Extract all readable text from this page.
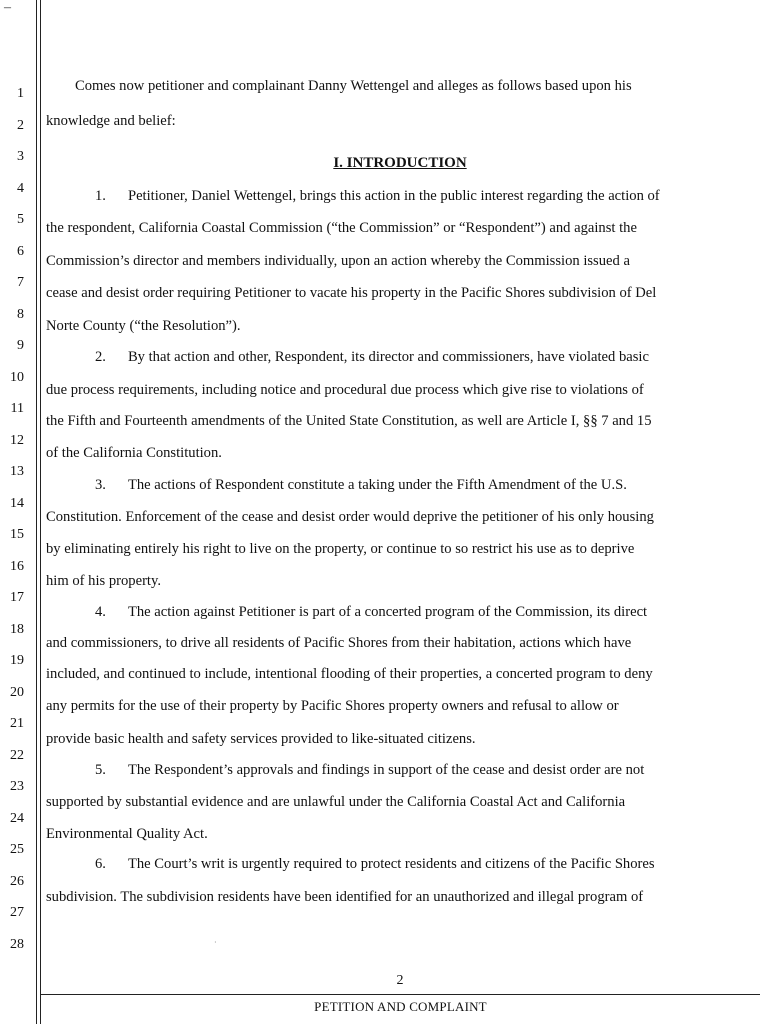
–
1
2
3
4
5
6
7
8
9
10
11
12
13
14
15
16
17
18
19
20
21
22
23
24
25
26
27
28
Comes now petitioner and complainant Danny Wettengel and alleges as follows based upon his
knowledge and belief:
I. INTRODUCTION
1. Petitioner, Daniel Wettengel, brings this action in the public interest regarding the action of
the respondent, California Coastal Commission (“the Commission” or “Respondent”) and against the
Commission’s director and members individually, upon an action whereby the Commission issued a
cease and desist order requiring Petitioner to vacate his property in the Pacific Shores subdivision of Del
Norte County (“the Resolution”).
2. By that action and other, Respondent, its director and commissioners, have violated basic
due process requirements, including notice and procedural due process which give rise to violations of
the Fifth and Fourteenth amendments of the United State Constitution, as well are Article I, §§ 7 and 15
of the California Constitution.
3. The actions of Respondent constitute a taking under the Fifth Amendment of the U.S.
Constitution. Enforcement of the cease and desist order would deprive the petitioner of his only housing
by eliminating entirely his right to live on the property, or continue to so restrict his use as to deprive
him of his property.
4. The action against Petitioner is part of a concerted program of the Commission, its direct
and commissioners, to drive all residents of Pacific Shores from their habitation, actions which have
included, and continued to include, intentional flooding of their properties, a concerted program to deny
any permits for the use of their property by Pacific Shores property owners and refusal to allow or
provide basic health and safety services provided to like-situated citizens.
5. The Respondent’s approvals and findings in support of the cease and desist order are not
supported by substantial evidence and are unlawful under the California Coastal Act and California
Environmental Quality Act.
6. The Court’s writ is urgently required to protect residents and citizens of the Pacific Shores
subdivision. The subdivision residents have been identified for an unauthorized and illegal program of
·
2
PETITION AND COMPLAINT
